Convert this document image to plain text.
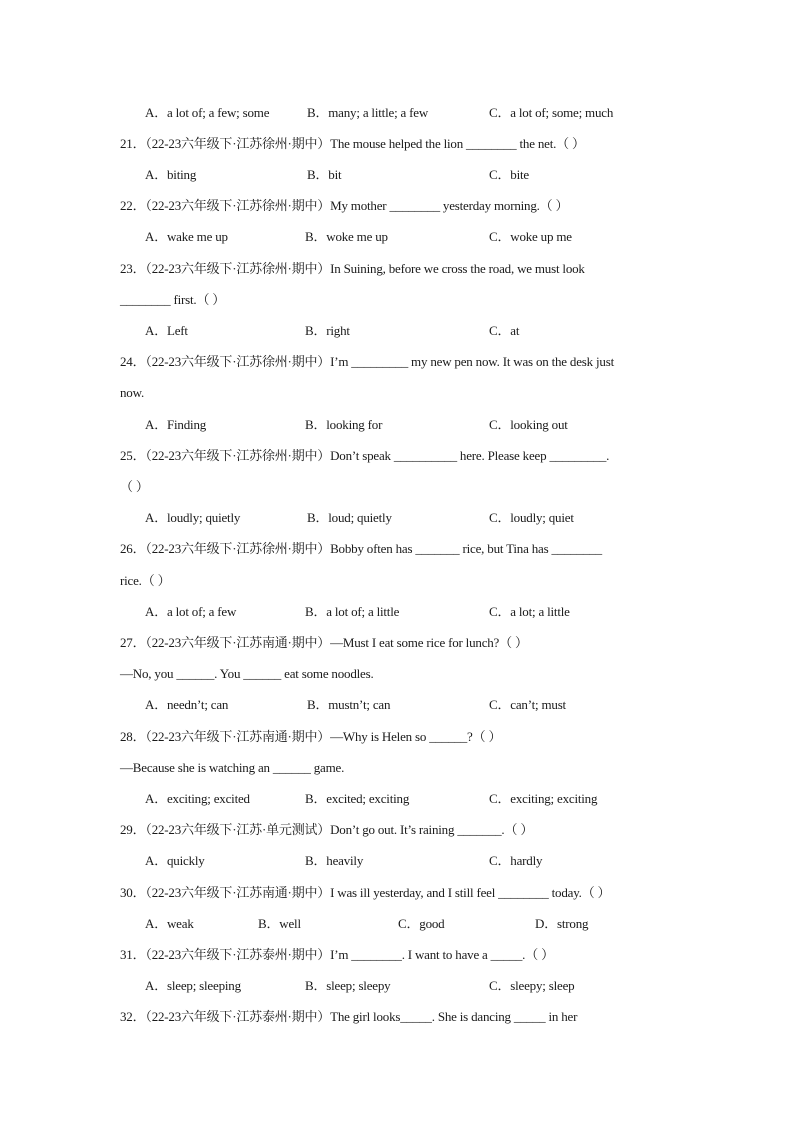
A．a lot of; a few; some	B．many; a little; a few	C．a lot of; some; much
21．（22-23六年级下·江苏徐州·期中）The mouse helped the lion ________ the net.（ ）
A．biting	B．bit	C．bite
22．（22-23六年级下·江苏徐州·期中）My mother ________ yesterday morning.（ ）
A．wake me up	B．woke me up	C．woke up me
23．（22-23六年级下·江苏徐州·期中）In Suining, before we cross the road, we must look
________ first.（ ）
A．Left	B．right	C．at
24．（22-23六年级下·江苏徐州·期中）I’m _________ my new pen now. It was on the desk just
now.
A．Finding	B．looking for	C．looking out
25．（22-23六年级下·江苏徐州·期中）Don’t speak __________ here. Please keep _________.
（ ）
A．loudly; quietly	B．loud; quietly	C．loudly; quiet
26．（22-23六年级下·江苏徐州·期中）Bobby often has _______ rice, but Tina has ________
rice.（ ）
A．a lot of; a few	B．a lot of; a little	C．a lot; a little
27．（22-23六年级下·江苏南通·期中）—Must I eat some rice for lunch?（ ）
—No, you ______. You ______ eat some noodles.
A．needn’t; can	B．mustn’t; can	C．can’t; must
28．（22-23六年级下·江苏南通·期中）—Why is Helen so ______?（ ）
—Because she is watching an ______ game.
A．exciting; excited	B．excited; exciting	C．exciting; exciting
29．（22-23六年级下·江苏·单元测试）Don’t go out. It’s raining _______.（ ）
A．quickly	B．heavily	C．hardly
30．（22-23六年级下·江苏南通·期中）I was ill yesterday, and I still feel ________ today.（ ）
A．weak	B．well	C．good	D．strong
31．（22-23六年级下·江苏泰州·期中）I’m ________. I want to have a _____.（ ）
A．sleep; sleeping	B．sleep; sleepy	C．sleepy; sleep
32．（22-23六年级下·江苏泰州·期中）The girl looks_____. She is dancing _____ in her
